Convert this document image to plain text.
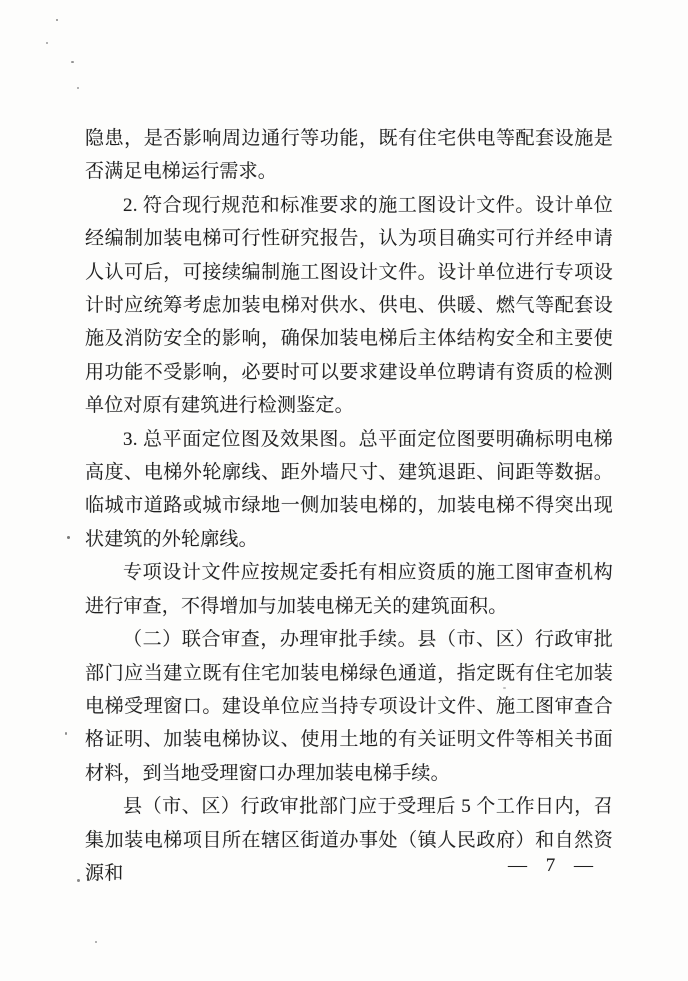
隐患，是否影响周边通行等功能，既有住宅供电等配套设施是否满足电梯运行需求。

2. 符合现行规范和标准要求的施工图设计文件。设计单位经编制加装电梯可行性研究报告，认为项目确实可行并经申请人认可后，可接续编制施工图设计文件。设计单位进行专项设计时应统筹考虑加装电梯对供水、供电、供暖、燃气等配套设施及消防安全的影响，确保加装电梯后主体结构安全和主要使用功能不受影响，必要时可以要求建设单位聘请有资质的检测单位对原有建筑进行检测鉴定。

3. 总平面定位图及效果图。总平面定位图要明确标明电梯高度、电梯外轮廓线、距外墙尺寸、建筑退距、间距等数据。临城市道路或城市绿地一侧加装电梯的，加装电梯不得突出现状建筑的外轮廓线。

专项设计文件应按规定委托有相应资质的施工图审查机构进行审查，不得增加与加装电梯无关的建筑面积。

（二）联合审查，办理审批手续。县（市、区）行政审批部门应当建立既有住宅加装电梯绿色通道，指定既有住宅加装电梯受理窗口。建设单位应当持专项设计文件、施工图审查合格证明、加装电梯协议、使用土地的有关证明文件等相关书面材料，到当地受理窗口办理加装电梯手续。

县（市、区）行政审批部门应于受理后 5 个工作日内，召集加装电梯项目所在辖区街道办事处（镇人民政府）和自然资源和	— 7 —
